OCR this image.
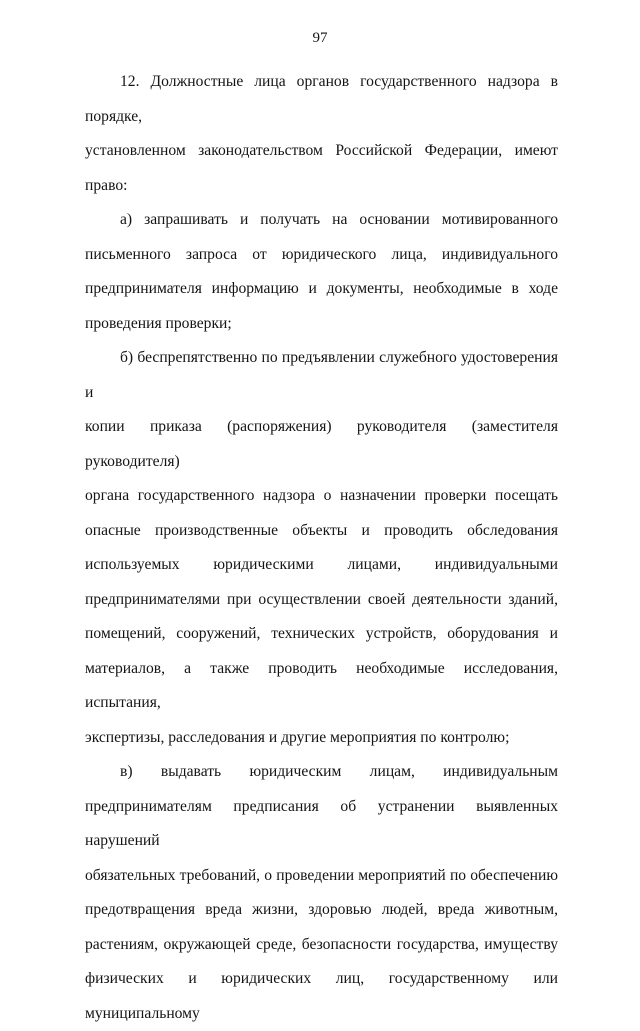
97
12. Должностные лица органов государственного надзора в порядке,
установленном законодательством Российской Федерации, имеют право:
а) запрашивать и получать на основании мотивированного
письменного запроса от юридического лица, индивидуального
предпринимателя информацию и документы, необходимые в ходе
проведения проверки;
б) беспрепятственно по предъявлении служебного удостоверения и
копии приказа (распоряжения) руководителя (заместителя руководителя)
органа государственного надзора о назначении проверки посещать
опасные производственные объекты и проводить обследования
используемых юридическими лицами, индивидуальными
предпринимателями при осуществлении своей деятельности зданий,
помещений, сооружений, технических устройств, оборудования и
материалов, а также проводить необходимые исследования, испытания,
экспертизы, расследования и другие мероприятия по контролю;
в) выдавать юридическим лицам, индивидуальным
предпринимателям предписания об устранении выявленных нарушений
обязательных требований, о проведении мероприятий по обеспечению
предотвращения вреда жизни, здоровью людей, вреда животным,
растениям, окружающей среде, безопасности государства, имуществу
физических и юридических лиц, государственному или муниципальному
